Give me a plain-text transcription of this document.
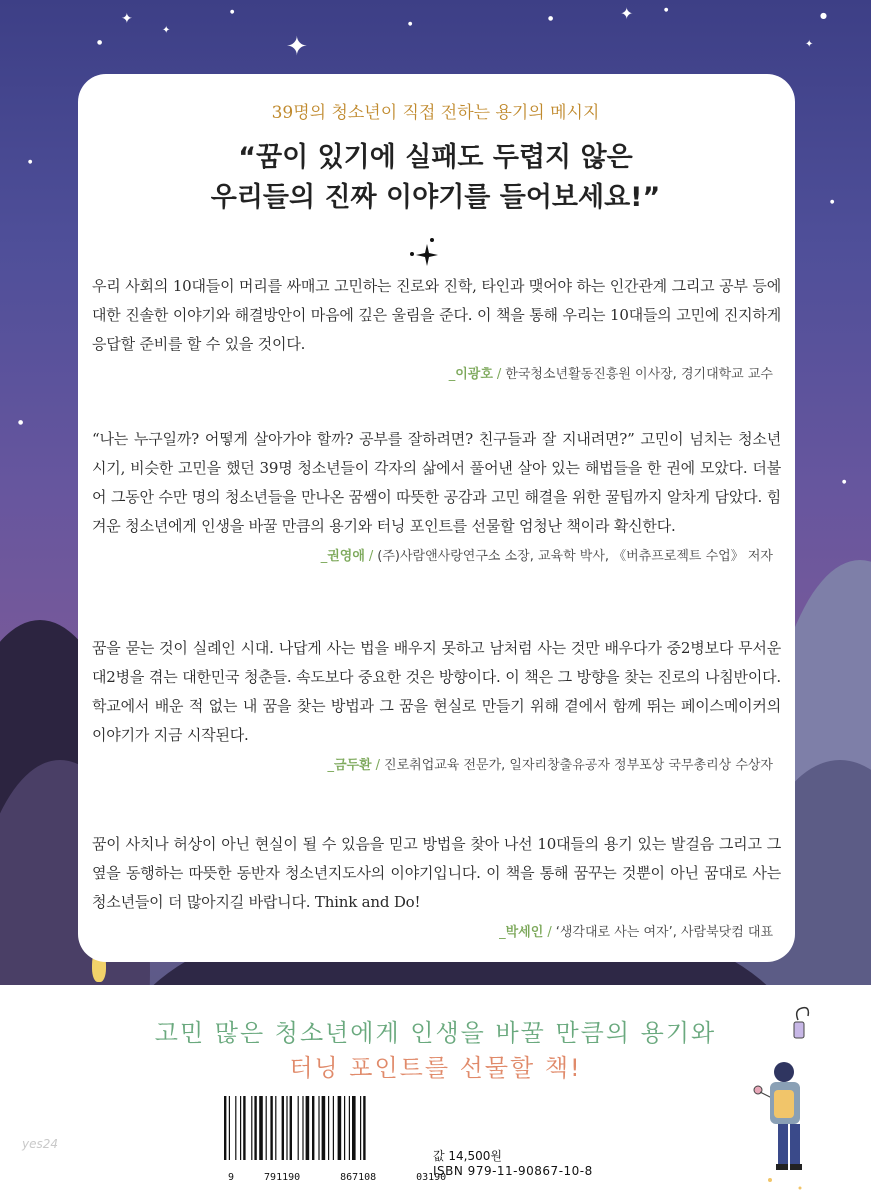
✦
●
✦
✦
●
●
●	✦	●
●
✦
●
●
●
●
39명의 청소년이 직접 전하는 용기의 메시지
“꿈이 있기에 실패도 두렵지 않은
우리들의 진짜 이야기를 들어보세요!”

우리 사회의 10대들이 머리를 싸매고 고민하는 진로와 진학, 타인과 맺어야 하는 인간관계 그리고 공부 등에 대한 진솔한 이야기와 해결방안이 마음에 깊은 울림을 준다. 이 책을 통해 우리는 10대들의 고민에 진지하게 응답할 준비를 할 수 있을 것이다.

_이광호 / 한국청소년활동진흥원 이사장, 경기대학교 교수

“나는 누구일까? 어떻게 살아가야 할까? 공부를 잘하려면? 친구들과 잘 지내려면?” 고민이 넘치는 청소년 시기, 비슷한 고민을 했던 39명 청소년들이 각자의 삶에서 풀어낸 살아 있는 해법들을 한 권에 모았다. 더불어 그동안 수만 명의 청소년들을 만나온 꿈쌤이 따뜻한 공감과 고민 해결을 위한 꿀팁까지 알차게 담았다. 힘겨운 청소년에게 인생을 바꿀 만큼의 용기와 터닝 포인트를 선물할 엄청난 책이라 확신한다.

_권영애 / (주)사람앤사랑연구소 소장, 교육학 박사, 《버츄프로젝트 수업》 저자

꿈을 묻는 것이 실례인 시대. 나답게 사는 법을 배우지 못하고 남처럼 사는 것만 배우다가 중2병보다 무서운 대2병을 겪는 대한민국 청춘들. 속도보다 중요한 것은 방향이다. 이 책은 그 방향을 찾는 진로의 나침반이다. 학교에서 배운 적 없는 내 꿈을 찾는 방법과 그 꿈을 현실로 만들기 위해 곁에서 함께 뛰는 페이스메이커의 이야기가 지금 시작된다.

_금두환 / 진로취업교육 전문가, 일자리창출유공자 정부포상 국무총리상 수상자

꿈이 사치나 허상이 아닌 현실이 될 수 있음을 믿고 방법을 찾아 나선 10대들의 용기 있는 발걸음 그리고 그 옆을 동행하는 따뜻한 동반자 청소년지도사의 이야기입니다. 이 책을 통해 꿈꾸는 것뿐이 아닌 꿈대로 사는 청소년들이 더 많아지길 바랍니다. Think and Do!

_박세인 / ‘생각대로 사는 여자’, 사람북닷컴 대표
고민 많은 청소년에게 인생을 바꿀 만큼의 용기와
터닝 포인트를 선물할 책!
9	791190	867108	03190
값 14,500원
ISBN 979-11-90867-10-8
yes24
